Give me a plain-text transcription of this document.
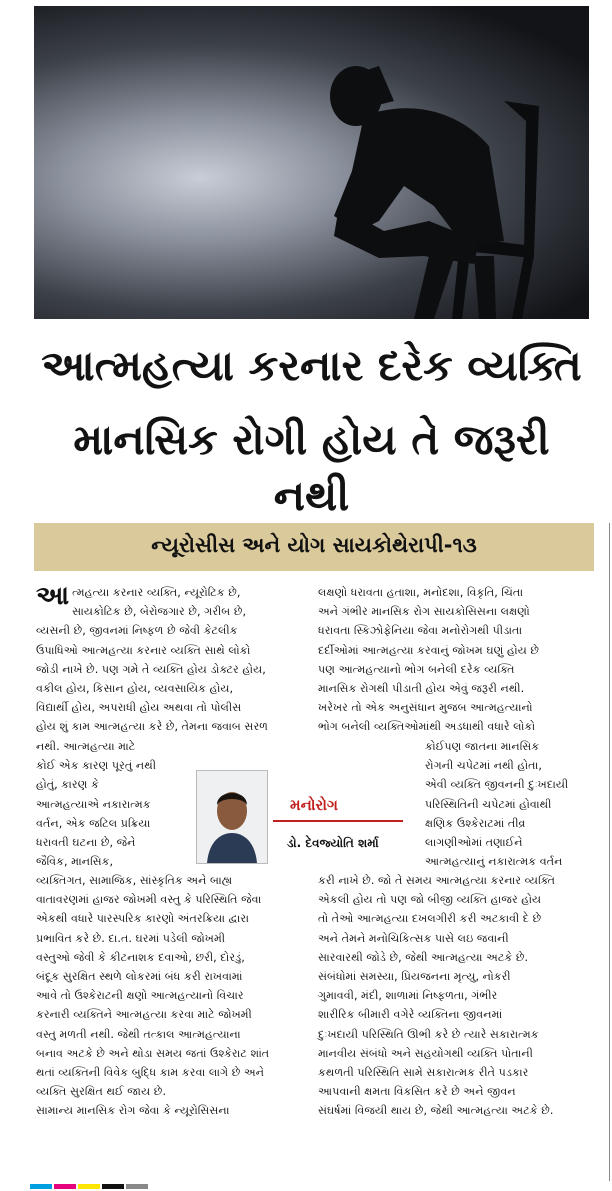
આત્મહત્યા કરનાર દરેક વ્યક્તિ
માનસિક રોગી હોય તે જરૂરી નથી
ન્યૂરોસીસ અને યોગ સાયકોથેરાપી-૧૩
આ ત્મહત્યા કરનાર વ્યક્તિ, ન્યૂરોટિક છે,

સાયકોટિક છે, બેરોજગાર છે, ગરીબ છે,

વ્યસની છે, જીવનમાં નિષ્ફળ છે જેવી કેટલીક

ઉપાધિઓ આત્મહત્યા કરનાર વ્યક્તિ સાથે લોકો

જોડી નાખે છે. પણ ગમે તે વ્યક્તિ હોય ડોક્ટર હોય,

વકીલ હોય, કિસાન હોય, વ્યવસાયિક હોય,

વિદ્યાર્થી હોય, અપરાધી હોય અથવા તો પોલીસ

હોય શું કામ આત્મહત્યા કરે છે, તેમના જવાબ સરળ

નથી. આત્મહત્યા માટે

કોઈ એક કારણ પૂરતું નથી

હોતું, કારણ કે

આત્મહત્યાએ નકારાત્મક

વર્તન, એક જટિલ પ્રક્રિયા

ધરાવતી ઘટના છે, જેને

જૈવિક, માનસિક,

વ્યક્તિગત, સામાજિક, સાંસ્કૃતિક અને બાહ્ય

વાતાવરણમાં હાજર જોખમી વસ્તુ કે પરિસ્થિતિ જેવા

એકથી વધારે પારસ્પરિક કારણો અંતરક્રિયા દ્વારા

પ્રભાવિત કરે છે. દા.ત. ઘરમાં પડેલી જોખમી

વસ્તુઓ જેવી કે કીટનાશક દવાઓ, છરી, દોરડું,

બંદૂક સુરક્ષિત સ્થળે લોકરમાં બંધ કરી રાખવામાં

આવે તો ઉશ્કેરાટની ક્ષણો આત્મહત્યાનો વિચાર

કરનારી વ્યક્તિને આત્મહત્યા કરવા માટે જોખમી

વસ્તુ મળતી નથી. જેથી તત્કાલ આત્મહત્યાના

બનાવ અટકે છે અને થોડા સમય જતાં ઉશ્કેરાટ શાંત

થતાં વ્યક્તિની વિવેક બુદ્ધિ કામ કરવા લાગે છે અને

વ્યક્તિ સુરક્ષિત થઈ જાય છે.

સામાન્ય માનસિક રોગ જેવા કે ન્યૂરોસિસના

લક્ષણો ધરાવતા હતાશા, મનોદશા, વિકૃતિ, ચિંતા

અને ગંભીર માનસિક રોગ સાયકોસિસના લક્ષણો

ધરાવતા સ્કિઝોફેનિયા જેવા મનોરોગથી પીડાતા

દર્દીઓમાં આત્મહત્યા કરવાનું જોખમ ઘણું હોય છે

પણ આત્મહત્યાનો ભોગ બનેલી દરેક વ્યક્તિ

માનસિક રોગથી પીડાતી હોય એવું જરૂરી નથી.

ખરેખર તો એક અનુસંધાન મુજબ આત્મહત્યાનો

ભોગ બનેલી વ્યક્તિઓમાંથી અડધાથી વધારે લોકો

કોઈપણ જાતના માનસિક

રોગની ચપેટમાં નથી હોતા,

એવી વ્યક્તિ જીવનની દુઃખદાયી

પરિસ્થિતિની ચપેટમાં હોવાથી

ક્ષણિક ઉશ્કેરાટમાં તીવ્ર

લાગણીઓમાં તણાઈને

આત્મહત્યાનું નકારાત્મક વર્તન

કરી નાખે છે. જો તે સમય આત્મહત્યા કરનાર વ્યક્તિ

એકલી હોય તો પણ જો બીજી વ્યક્તિ હાજર હોય

તો તેઓ આત્મહત્યા દખલગીરી કરી અટકાવી દે છે

અને તેમને મનોચિકિત્સક પાસે લઇ જવાની

સારવારથી જોડે છે, જેથી આત્મહત્યા અટકે છે.

સંબંધોમાં સમસ્યા, પ્રિયજનના મૃત્યુ, નોકરી

ગુમાવવી, મંદી, શાળામાં નિષ્ફળતા, ગંભીર

શારીરિક બીમારી વગેરે વ્યક્તિના જીવનમાં

દુઃખદાયી પરિસ્થિતિ ઊભી કરે છે ત્યારે સકારાત્મક

માનવીય સંબંધો અને સહયોગથી વ્યક્તિ પોતાની

કથળતી પરિસ્થિતિ સામે સકારાત્મક રીતે પડકાર

આપવાની ક્ષમતા વિકસિત કરે છે અને જીવન

સંઘર્ષમાં વિજયી થાય છે, જેથી આત્મહત્યા અટકે છે.

મનોરોગ
ડો. દેવજ્યોતિ શર્મા
